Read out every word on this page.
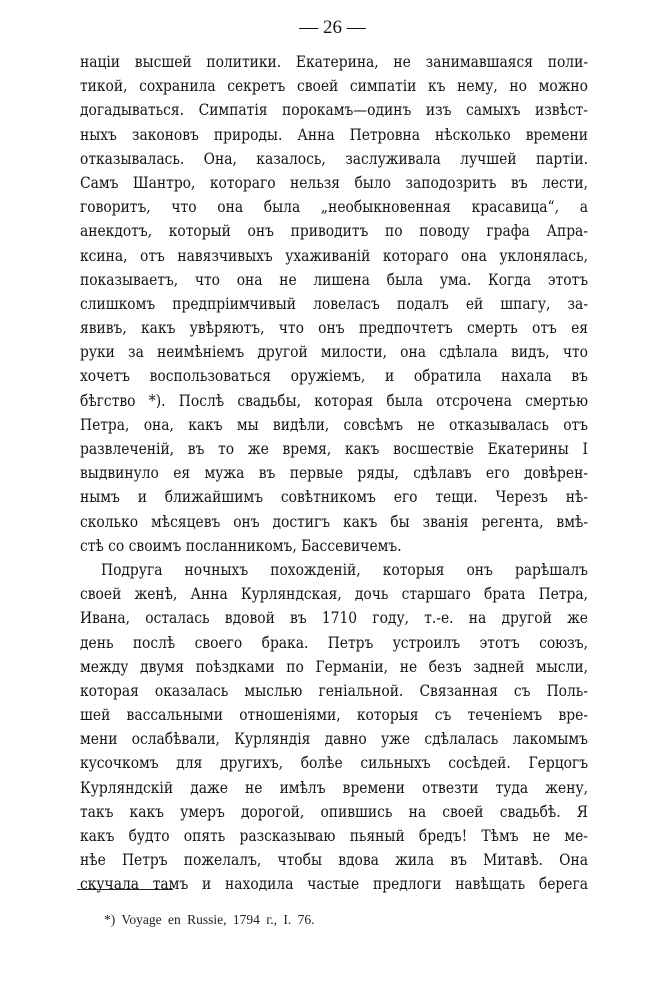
— 26 —
націи высшей политики. Екатерина, не занимавшаяся поли-
тикой, сохранила секретъ своей симпатіи къ нему, но можно
догадываться. Симпатія порокамъ—одинъ изъ самыхъ извѣст-
ныхъ законовъ природы. Анна Петровна нѣсколько времени
отказывалась. Она, казалось, заслуживала лучшей партіи.
Самъ Шантро, котораго нельзя было заподозрить въ лести,
говоритъ, что она была „необыкновенная красавица“, а
анекдотъ, который онъ приводитъ по поводу графа Апра-
ксина, отъ навязчивыхъ ухаживаній котораго она уклонялась,
показываетъ, что она не лишена была ума. Когда этотъ
слишкомъ предпріимчивый ловеласъ подалъ ей шпагу, за-
явивъ, какъ увѣряютъ, что онъ предпочтетъ смерть отъ ея
руки за неимѣніемъ другой милости, она сдѣлала видъ, что
хочетъ воспользоваться оружіемъ, и обратила нахала въ
бѣгство *). Послѣ свадьбы, которая была отсрочена смертью
Петра, она, какъ мы видѣли, совсѣмъ не отказывалась отъ
развлеченій, въ то же время, какъ восшествіе Екатерины I
выдвинуло ея мужа въ первые ряды, сдѣлавъ его довѣрен-
нымъ и ближайшимъ совѣтникомъ его тещи. Черезъ нѣ-
сколько мѣсяцевъ онъ достигъ какъ бы званія регента, вмѣ-
стѣ со своимъ посланникомъ, Бассевичемъ.
Подруга ночныхъ похожденій, которыя онъ рарѣшалъ
своей женѣ, Анна Курляндская, дочь старшаго брата Петра,
Ивана, осталась вдовой въ 1710 году, т.-е. на другой же
день послѣ своего брака. Петръ устроилъ этотъ союзъ,
между двумя поѣздками по Германіи, не безъ задней мысли,
которая оказалась мыслью геніальной. Связанная съ Поль-
шей вассальными отношеніями, которыя съ теченіемъ вре-
мени ослабѣвали, Курляндія давно уже сдѣлалась лакомымъ
кусочкомъ для другихъ, болѣе сильныхъ сосѣдей. Герцогъ
Курляндскій даже не имѣлъ времени отвезти туда жену,
такъ какъ умеръ дорогой, опившись на своей свадьбѣ. Я
какъ будто опять разсказываю пьяный бредъ! Тѣмъ не ме-
нѣе Петръ пожелалъ, чтобы вдова жила въ Митавѣ. Она
скучала тамъ и находила частые предлоги навѣщать берега
*) Voyage en Russie, 1794 г., I. 76.
